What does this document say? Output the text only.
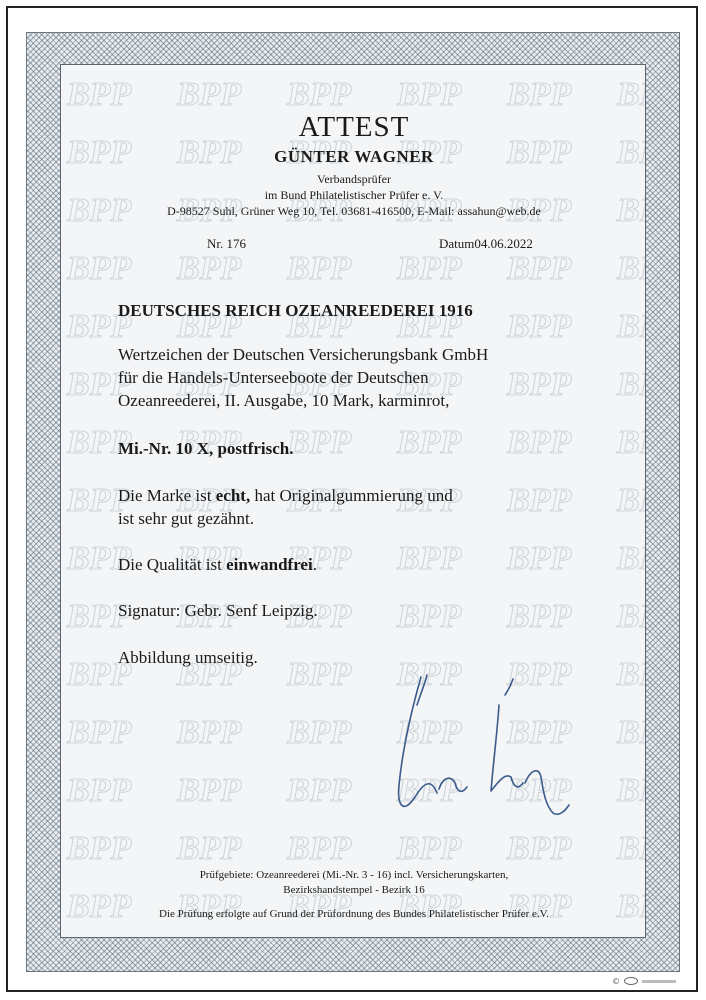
ATTEST
GÜNTER WAGNER
Verbandsprüfer
im Bund Philatelistischer Prüfer e. V.
D-98527 Suhl, Grüner Weg 10, Tel. 03681-416500, E-Mail: assahun@web.de
Nr. 176	Datum04.06.2022
DEUTSCHES REICH OZEANREEDEREI 1916
Wertzeichen der Deutschen Versicherungsbank GmbH
für die Handels-Unterseeboote der Deutschen
Ozeanreederei, II. Ausgabe, 10 Mark, karminrot,
Mi.-Nr. 10 X, postfrisch.
Die Marke ist echt, hat Originalgummierung und
ist sehr gut gezähnt.
Die Qualität ist einwandfrei.
Signatur: Gebr. Senf Leipzig.
Abbildung umseitig.
Prüfgebiete: Ozeanreederei (Mi.-Nr. 3 - 16) incl. Versicherungskarten,
Bezirkshandstempel - Bezirk 16
Die Prüfung erfolgte auf Grund der Prüfordnung des Bundes Philatelistischer Prüfer e.V.
©
